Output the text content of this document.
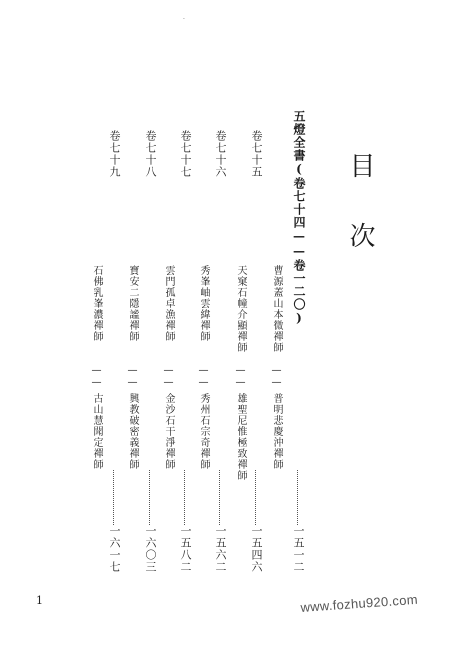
·
目次
五燈全書(卷七十四——卷一二〇)
一五一二
曹源蓋山本微禪師
——
普明悲慶沖禪師
卷七十五
一五四六
天窠石幢介顯禪師
——
雄聖尼惟極致禪師
卷七十六
一五六二
秀峯岫雲緯禪師
——
秀州石宗奇禪師
卷七十七
一五八二
雲門孤卓漁禪師
——
金沙石干淨禪師
卷七十八
一六〇三
寶安二隱謐禪師
——
興教破密義禪師
卷七十九
一六一七
石佛乳峯濃禪師
——
古山慧聞定禪師
1	www.fozhu920.com
